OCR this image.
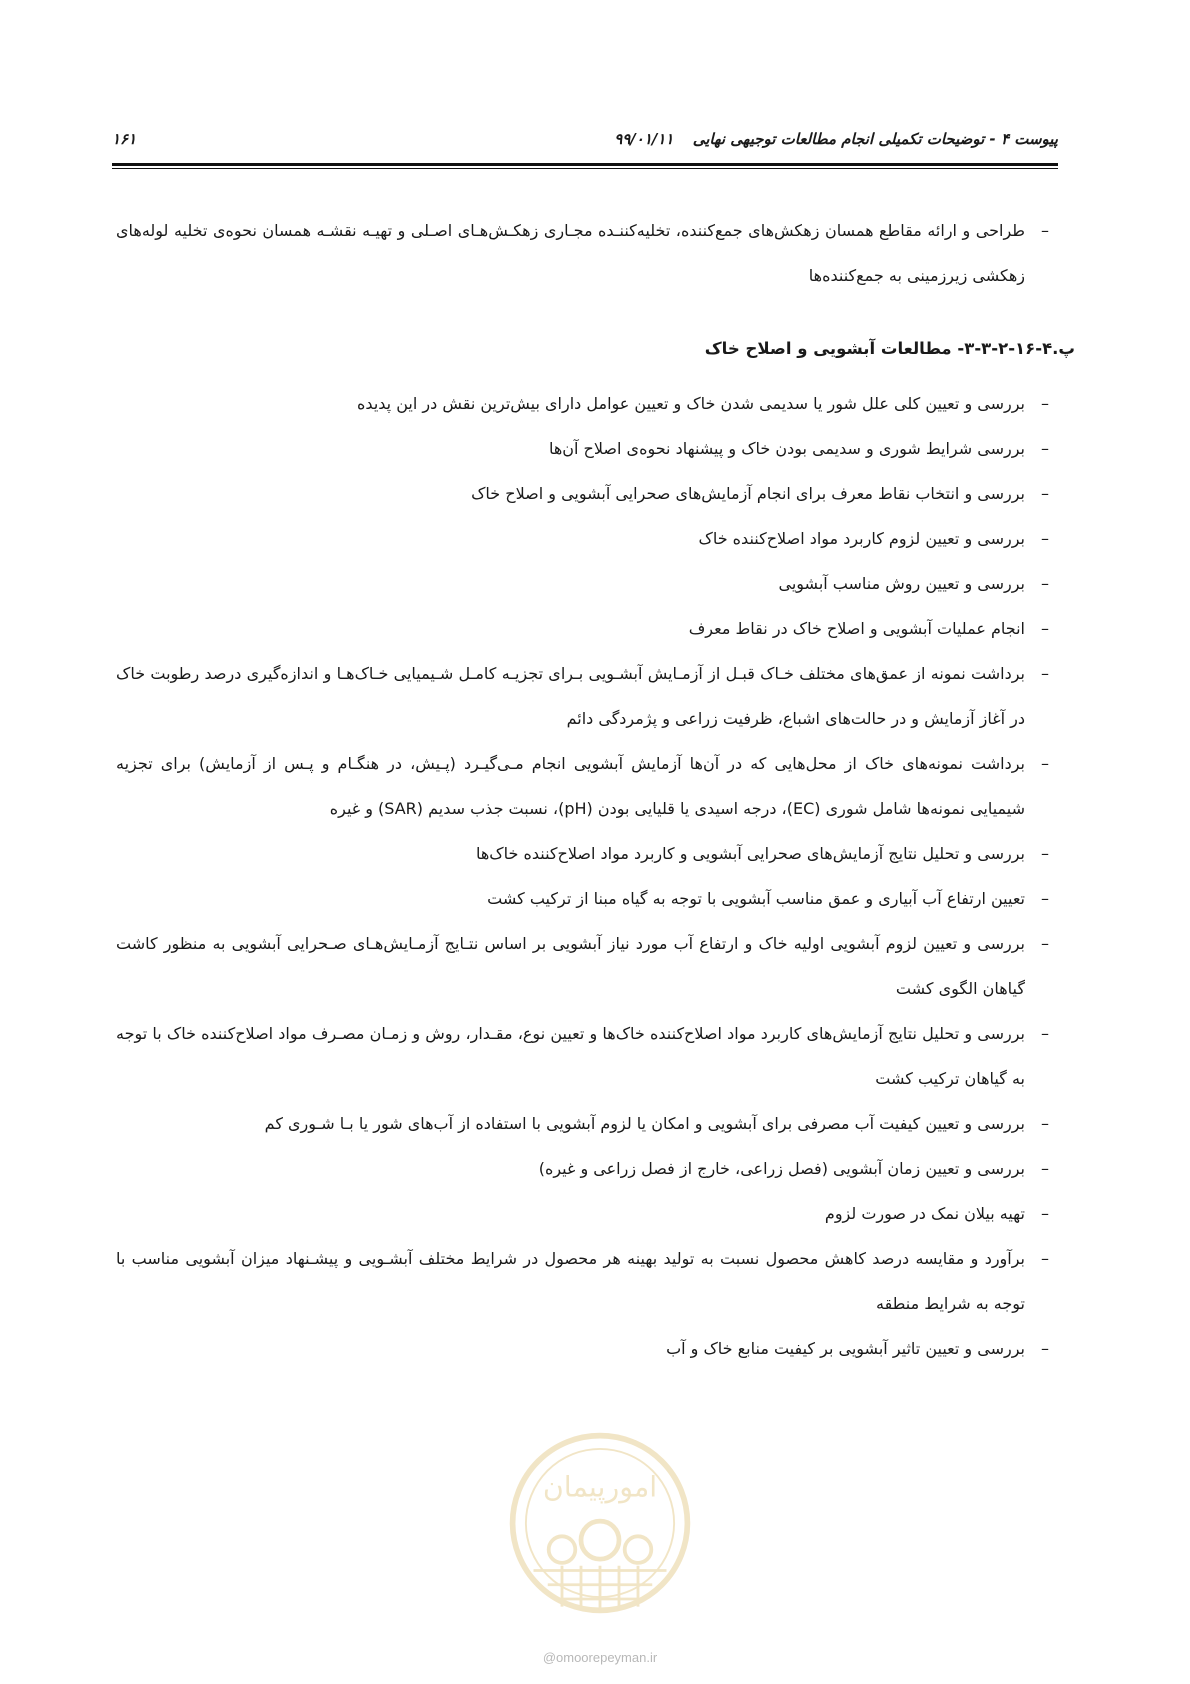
پیوست ۴ - توضیحات تکمیلی انجام مطالعات توجیهی نهایی ۹۹/۰۱/۱۱
۱۶۱

–
طراحی و ارائه مقاطع همسان زهکش‌های جمع‌کننده، تخلیه‌کننـده مجـاری زهکـش‌هـای اصـلی و تهیـه نقشـه همسان نحوه‌ی تخلیه لوله‌های زهکشی زیرزمینی به جمع‌کننده‌ها

پ.۴-۱۶-۲-۳-۳- مطالعات آبشویی و اصلاح خاک

–
بررسی و تعیین کلی علل شور یا سدیمی شدن خاک و تعیین عوامل دارای بیش‌ترین نقش در این پدیده

–
بررسی شرایط شوری و سدیمی بودن خاک و پیشنهاد نحوه‌ی اصلاح آن‌ها

–
بررسی و انتخاب نقاط معرف برای انجام آزمایش‌های صحرایی آبشویی و اصلاح خاک

–
بررسی و تعیین لزوم کاربرد مواد اصلاح‌کننده خاک

–
بررسی و تعیین روش مناسب آبشویی

–
انجام عملیات آبشویی و اصلاح خاک در نقاط معرف

–
برداشت نمونه از عمق‌های مختلف خـاک قبـل از آزمـایش آبشـویی بـرای تجزیـه کامـل شـیمیایی خـاک‌هـا و اندازه‌گیری درصد رطوبت خاک در آغاز آزمایش و در حالت‌های اشباع، ظرفیت زراعی و پژمردگی دائم

–
برداشت نمونه‌های خاک از محل‌هایی که در آن‌ها آزمایش آبشویی انجام مـی‌گیـرد (پـیش، در هنگـام و پـس از آزمایش) برای تجزیه شیمیایی نمونه‌ها شامل شوری (EC)، درجه اسیدی یا قلیایی بودن (pH)، نسبت جذب سدیم (SAR) و غیره

–
بررسی و تحلیل نتایج آزمایش‌های صحرایی آبشویی و کاربرد مواد اصلاح‌کننده خاک‌ها

–
تعیین ارتفاع آب آبیاری و عمق مناسب آبشویی با توجه به گیاه مبنا از ترکیب کشت

–
بررسی و تعیین لزوم آبشویی اولیه خاک و ارتفاع آب مورد نیاز آبشویی بر اساس نتـایج آزمـایش‌هـای صـحرایی آبشویی به منظور کاشت گیاهان الگوی کشت

–
بررسی و تحلیل نتایج آزمایش‌های کاربرد مواد اصلاح‌کننده خاک‌ها و تعیین نوع، مقـدار، روش و زمـان مصـرف مواد اصلاح‌کننده خاک با توجه به گیاهان ترکیب کشت

–
بررسی و تعیین کیفیت آب مصرفی برای آبشویی و امکان یا لزوم آبشویی با استفاده از آب‌های شور یا بـا شـوری کم

–
بررسی و تعیین زمان آبشویی (فصل زراعی، خارج از فصل زراعی و غیره)

–
تهیه بیلان نمک در صورت لزوم

–
برآورد و مقایسه درصد کاهش محصول نسبت به تولید بهینه هر محصول در شرایط مختلف آبشـویی و پیشـنهاد میزان آبشویی مناسب با توجه به شرایط منطقه

–
بررسی و تعیین تاثیر آبشویی بر کیفیت منابع خاک و آب

امورپیمان
@omoorepeyman.ir
